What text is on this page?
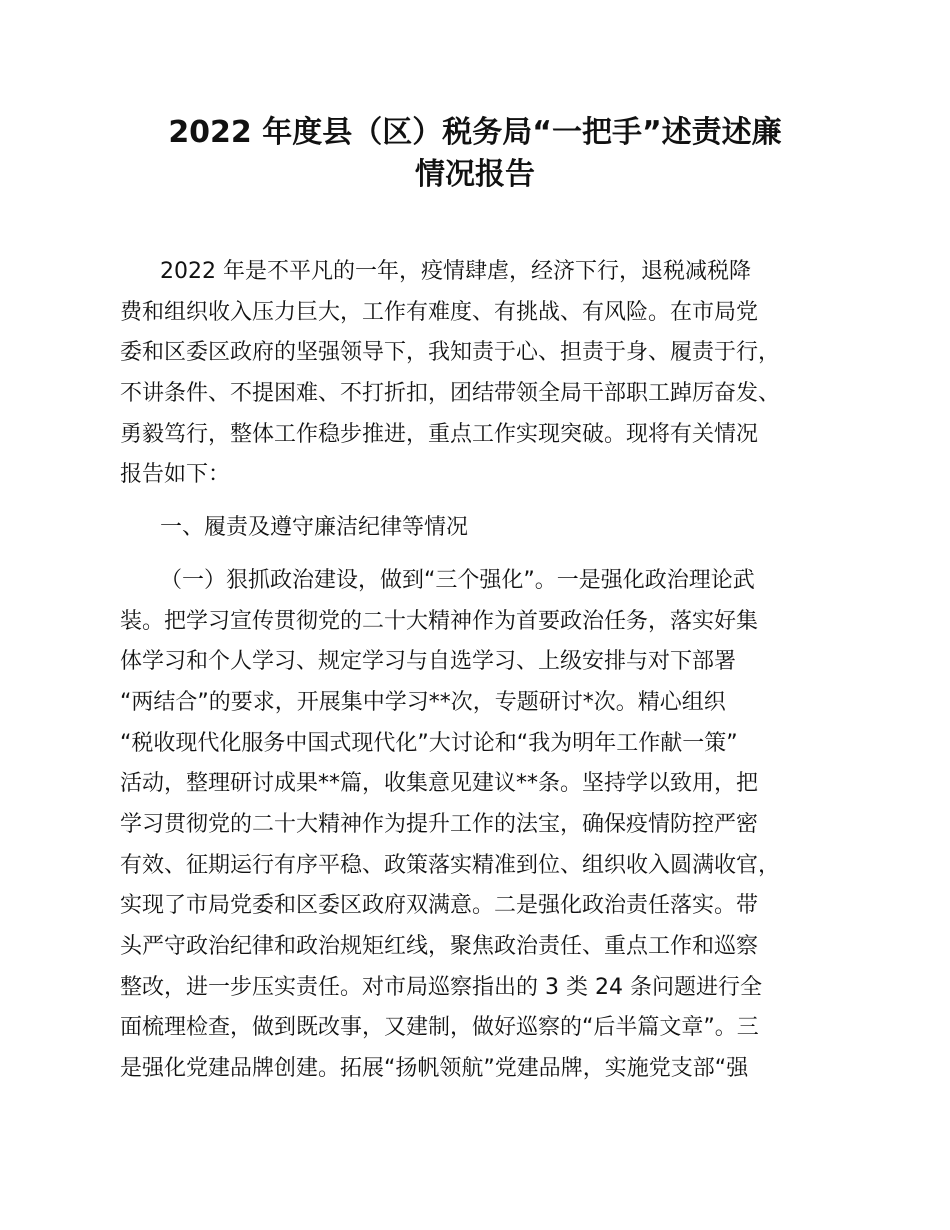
2022 年度县（区）税务局“一把手”述责述廉
情况报告
2022 年是不平凡的一年，疫情肆虐，经济下行，退税减税降
费和组织收入压力巨大，工作有难度、有挑战、有风险。在市局党
委和区委区政府的坚强领导下，我知责于心、担责于身、履责于行，
不讲条件、不提困难、不打折扣，团结带领全局干部职工踔厉奋发、
勇毅笃行，整体工作稳步推进，重点工作实现突破。现将有关情况
报告如下：
一、履责及遵守廉洁纪律等情况
（一）狠抓政治建设，做到“三个强化”。一是强化政治理论武
装。把学习宣传贯彻党的二十大精神作为首要政治任务，落实好集
体学习和个人学习、规定学习与自选学习、上级安排与对下部署
“两结合”的要求，开展集中学习**次，专题研讨*次。精心组织
“税收现代化服务中国式现代化”大讨论和“我为明年工作献一策”
活动，整理研讨成果**篇，收集意见建议**条。坚持学以致用，把
学习贯彻党的二十大精神作为提升工作的法宝，确保疫情防控严密
有效、征期运行有序平稳、政策落实精准到位、组织收入圆满收官，
实现了市局党委和区委区政府双满意。二是强化政治责任落实。带
头严守政治纪律和政治规矩红线，聚焦政治责任、重点工作和巡察
整改，进一步压实责任。对市局巡察指出的 3 类 24 条问题进行全
面梳理检查，做到既改事，又建制，做好巡察的“后半篇文章”。三
是强化党建品牌创建。拓展“扬帆领航”党建品牌，实施党支部“强
